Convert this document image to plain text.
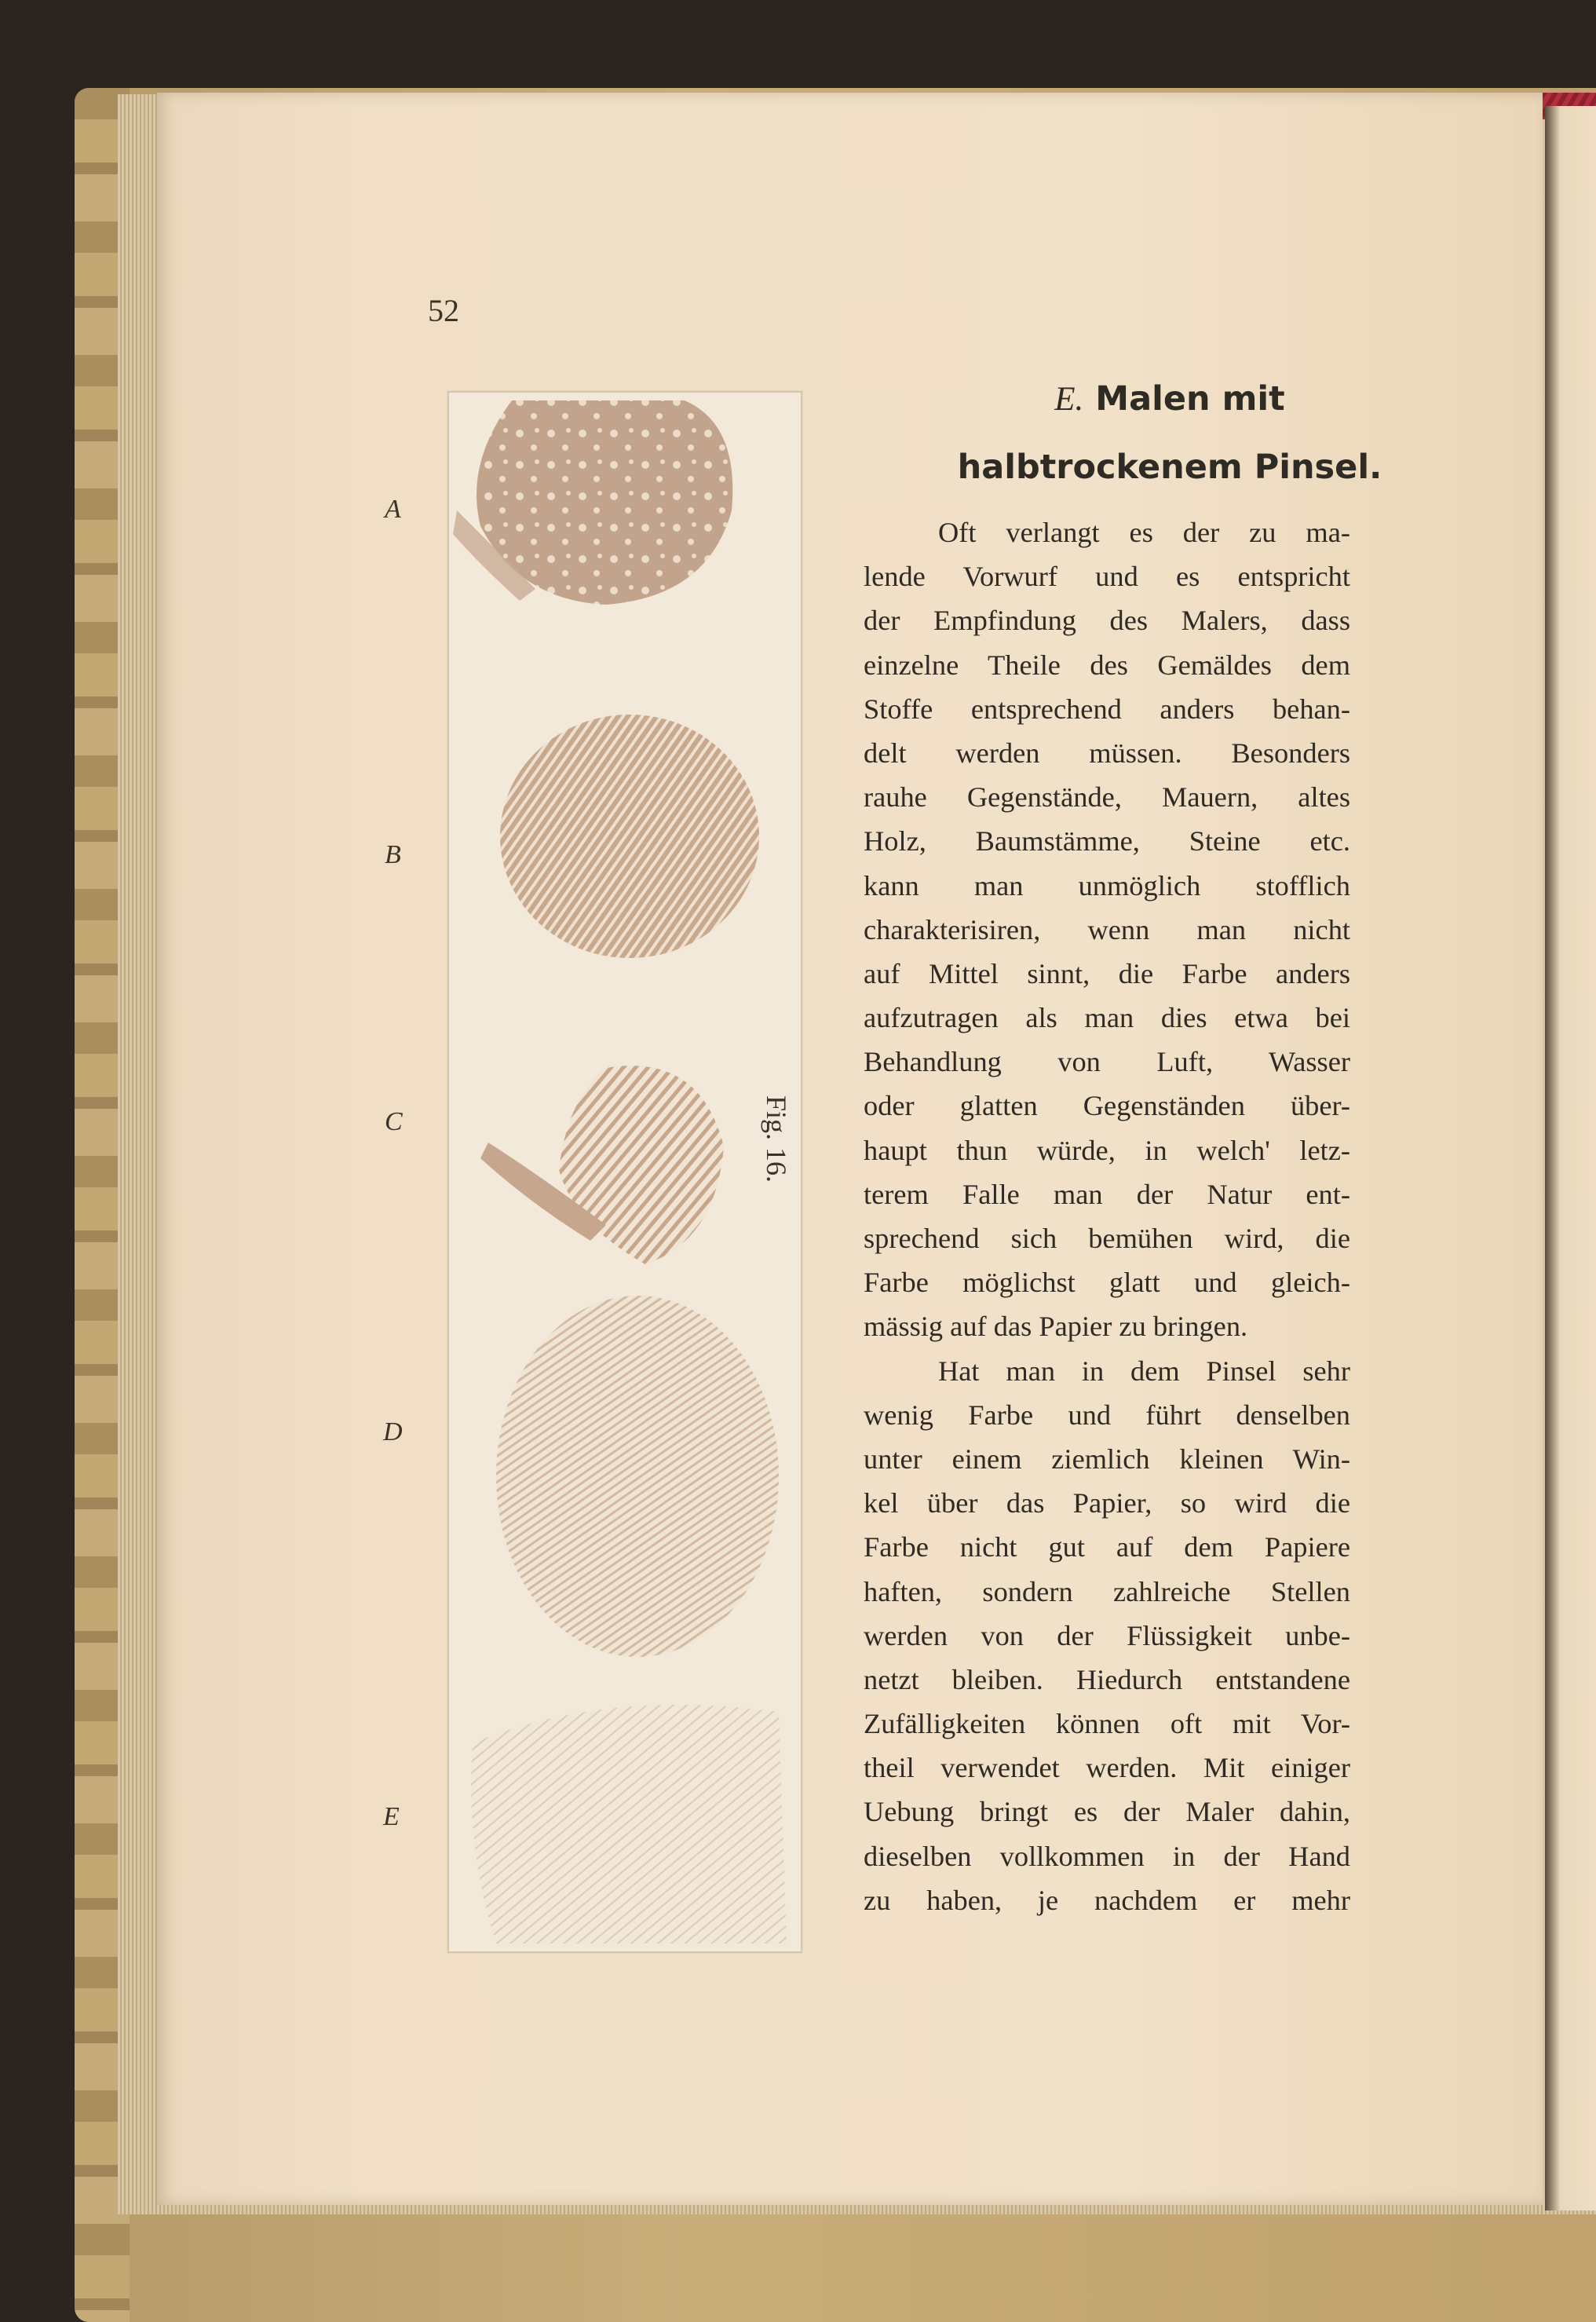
52
A
B
C
D
E
Fig. 16.
E. Malen mit
halbtrockenem Pinsel.
Oft verlangt es der zu ma-
lende Vorwurf und es entspricht
der Empfindung des Malers, dass
einzelne Theile des Gemäldes dem
Stoffe entsprechend anders behan-
delt werden müssen. Besonders
rauhe Gegenstände, Mauern, altes
Holz, Baumstämme, Steine etc.
kann man unmöglich stofflich
charakterisiren, wenn man nicht
auf Mittel sinnt, die Farbe anders
aufzutragen als man dies etwa bei
Behandlung von Luft, Wasser
oder glatten Gegenständen über-
haupt thun würde, in welch' letz-
terem Falle man der Natur ent-
sprechend sich bemühen wird, die
Farbe möglichst glatt und gleich-
mässig auf das Papier zu bringen.
Hat man in dem Pinsel sehr
wenig Farbe und führt denselben
unter einem ziemlich kleinen Win-
kel über das Papier, so wird die
Farbe nicht gut auf dem Papiere
haften, sondern zahlreiche Stellen
werden von der Flüssigkeit unbe-
netzt bleiben. Hiedurch entstandene
Zufälligkeiten können oft mit Vor-
theil verwendet werden. Mit einiger
Uebung bringt es der Maler dahin,
dieselben vollkommen in der Hand
zu haben, je nachdem er mehr
